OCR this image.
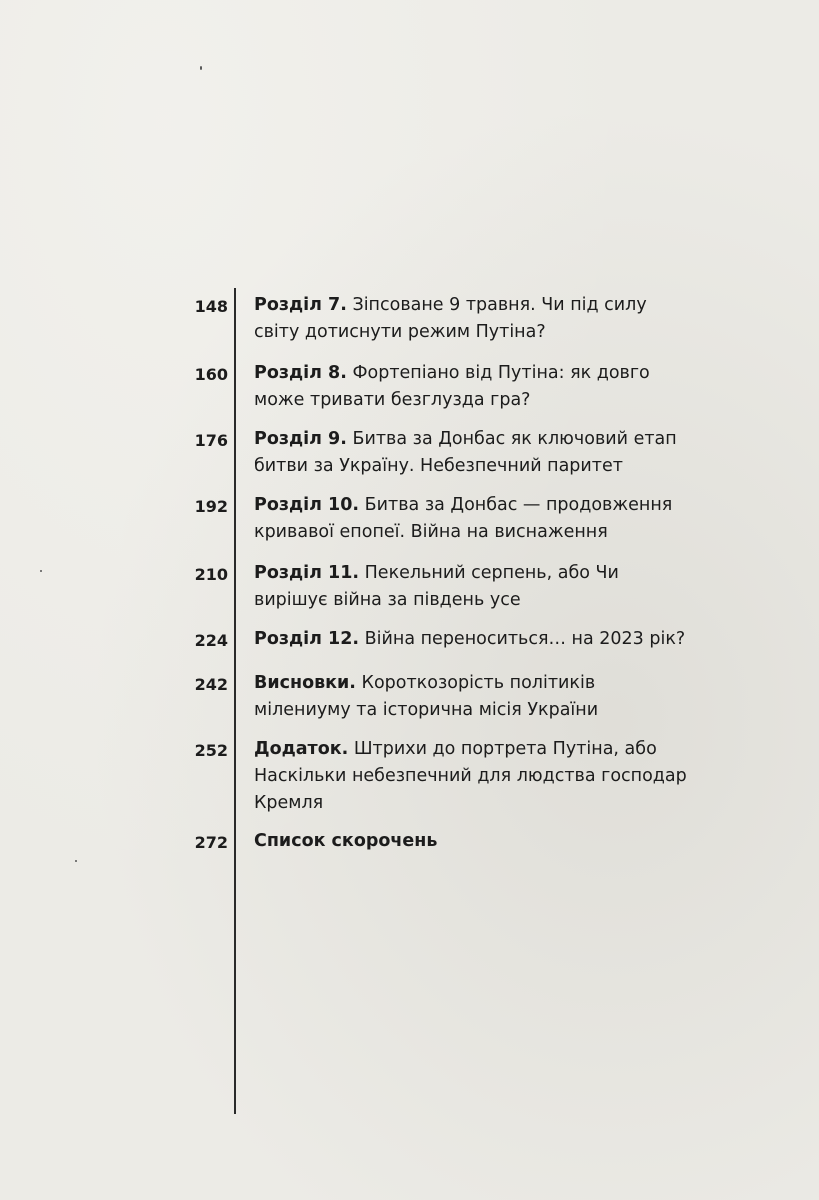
148 Розділ 7. Зіпсоване 9 травня. Чи під силу світу дотиснути режим Путіна?
160 Розділ 8. Фортепіано від Путіна: як довго може тривати безглузда гра?
176 Розділ 9. Битва за Донбас як ключовий етап битви за Україну. Небезпечний паритет
192 Розділ 10. Битва за Донбас — продовження кривавої епопеї. Війна на виснаження
210 Розділ 11. Пекельний серпень, або Чи вирішує війна за південь усе
224 Розділ 12. Війна переноситься… на 2023 рік?
242 Висновки. Короткозорість політиків мілениуму та історична місія України
252 Додаток. Штрихи до портрета Путіна, або Наскільки небезпечний для людства господар Кремля
272 Список скорочень
